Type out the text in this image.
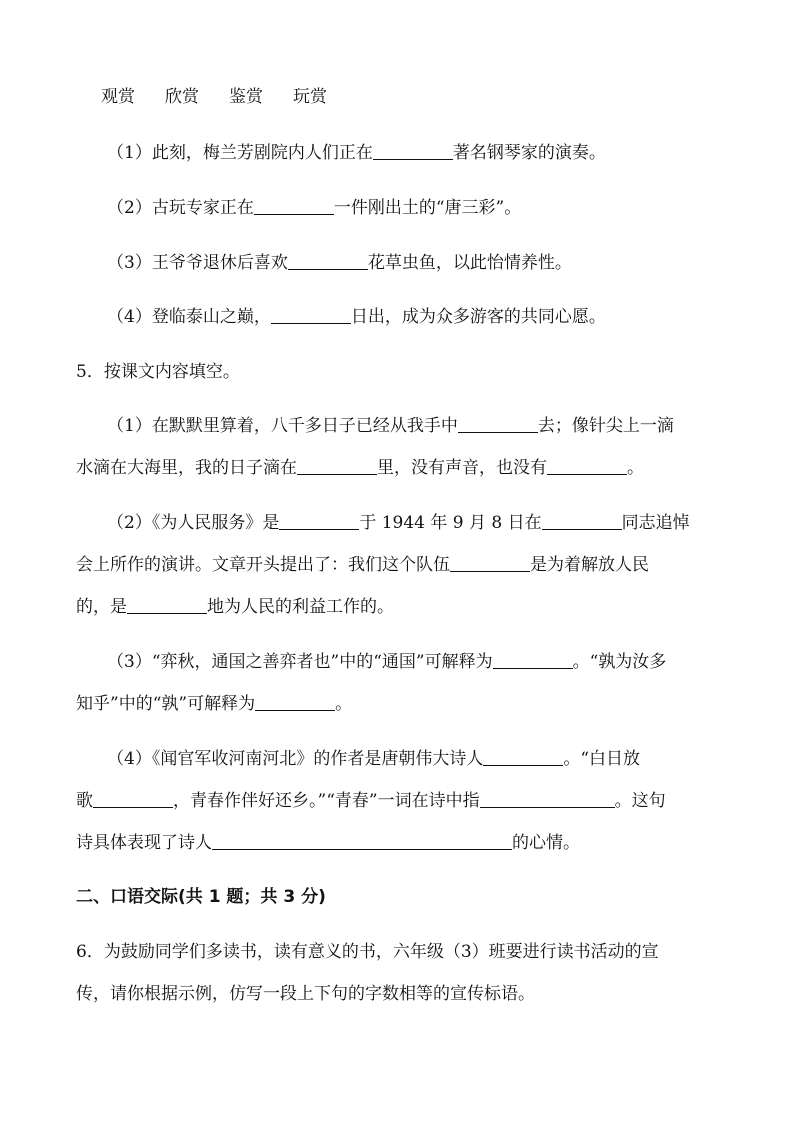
观赏 欣赏 鉴赏 玩赏
（1）此刻，梅兰芳剧院内人们正在	著名钢琴家的演奏。
（2）古玩专家正在	一件刚出土的“唐三彩”。
（3）王爷爷退休后喜欢	花草虫鱼，以此怡情养性。
（4）登临泰山之巅，	日出，成为众多游客的共同心愿。
5．按课文内容填空。
（1）在默默里算着，八千多日子已经从我手中	去；像针尖上一滴
水滴在大海里，我的日子滴在	里，没有声音，也没有	。
（2）《为人民服务》是	于 1944 年 9 月 8 日在	同志追悼
会上所作的演讲。文章开头提出了：我们这个队伍	是为着解放人民
的，是	地为人民的利益工作的。
（3）“弈秋，通国之善弈者也”中的“通国”可解释为	。“孰为汝多
知乎”中的“孰”可解释为	。
（4）《闻官军收河南河北》的作者是唐朝伟大诗人	。“白日放
歌	，青春作伴好还乡。”“青春”一词在诗中指	。这句
诗具体表现了诗人	的心情。
二、口语交际(共 1 题；共 3 分)
6．为鼓励同学们多读书，读有意义的书，六年级（3）班要进行读书活动的宣
传，请你根据示例，仿写一段上下句的字数相等的宣传标语。
